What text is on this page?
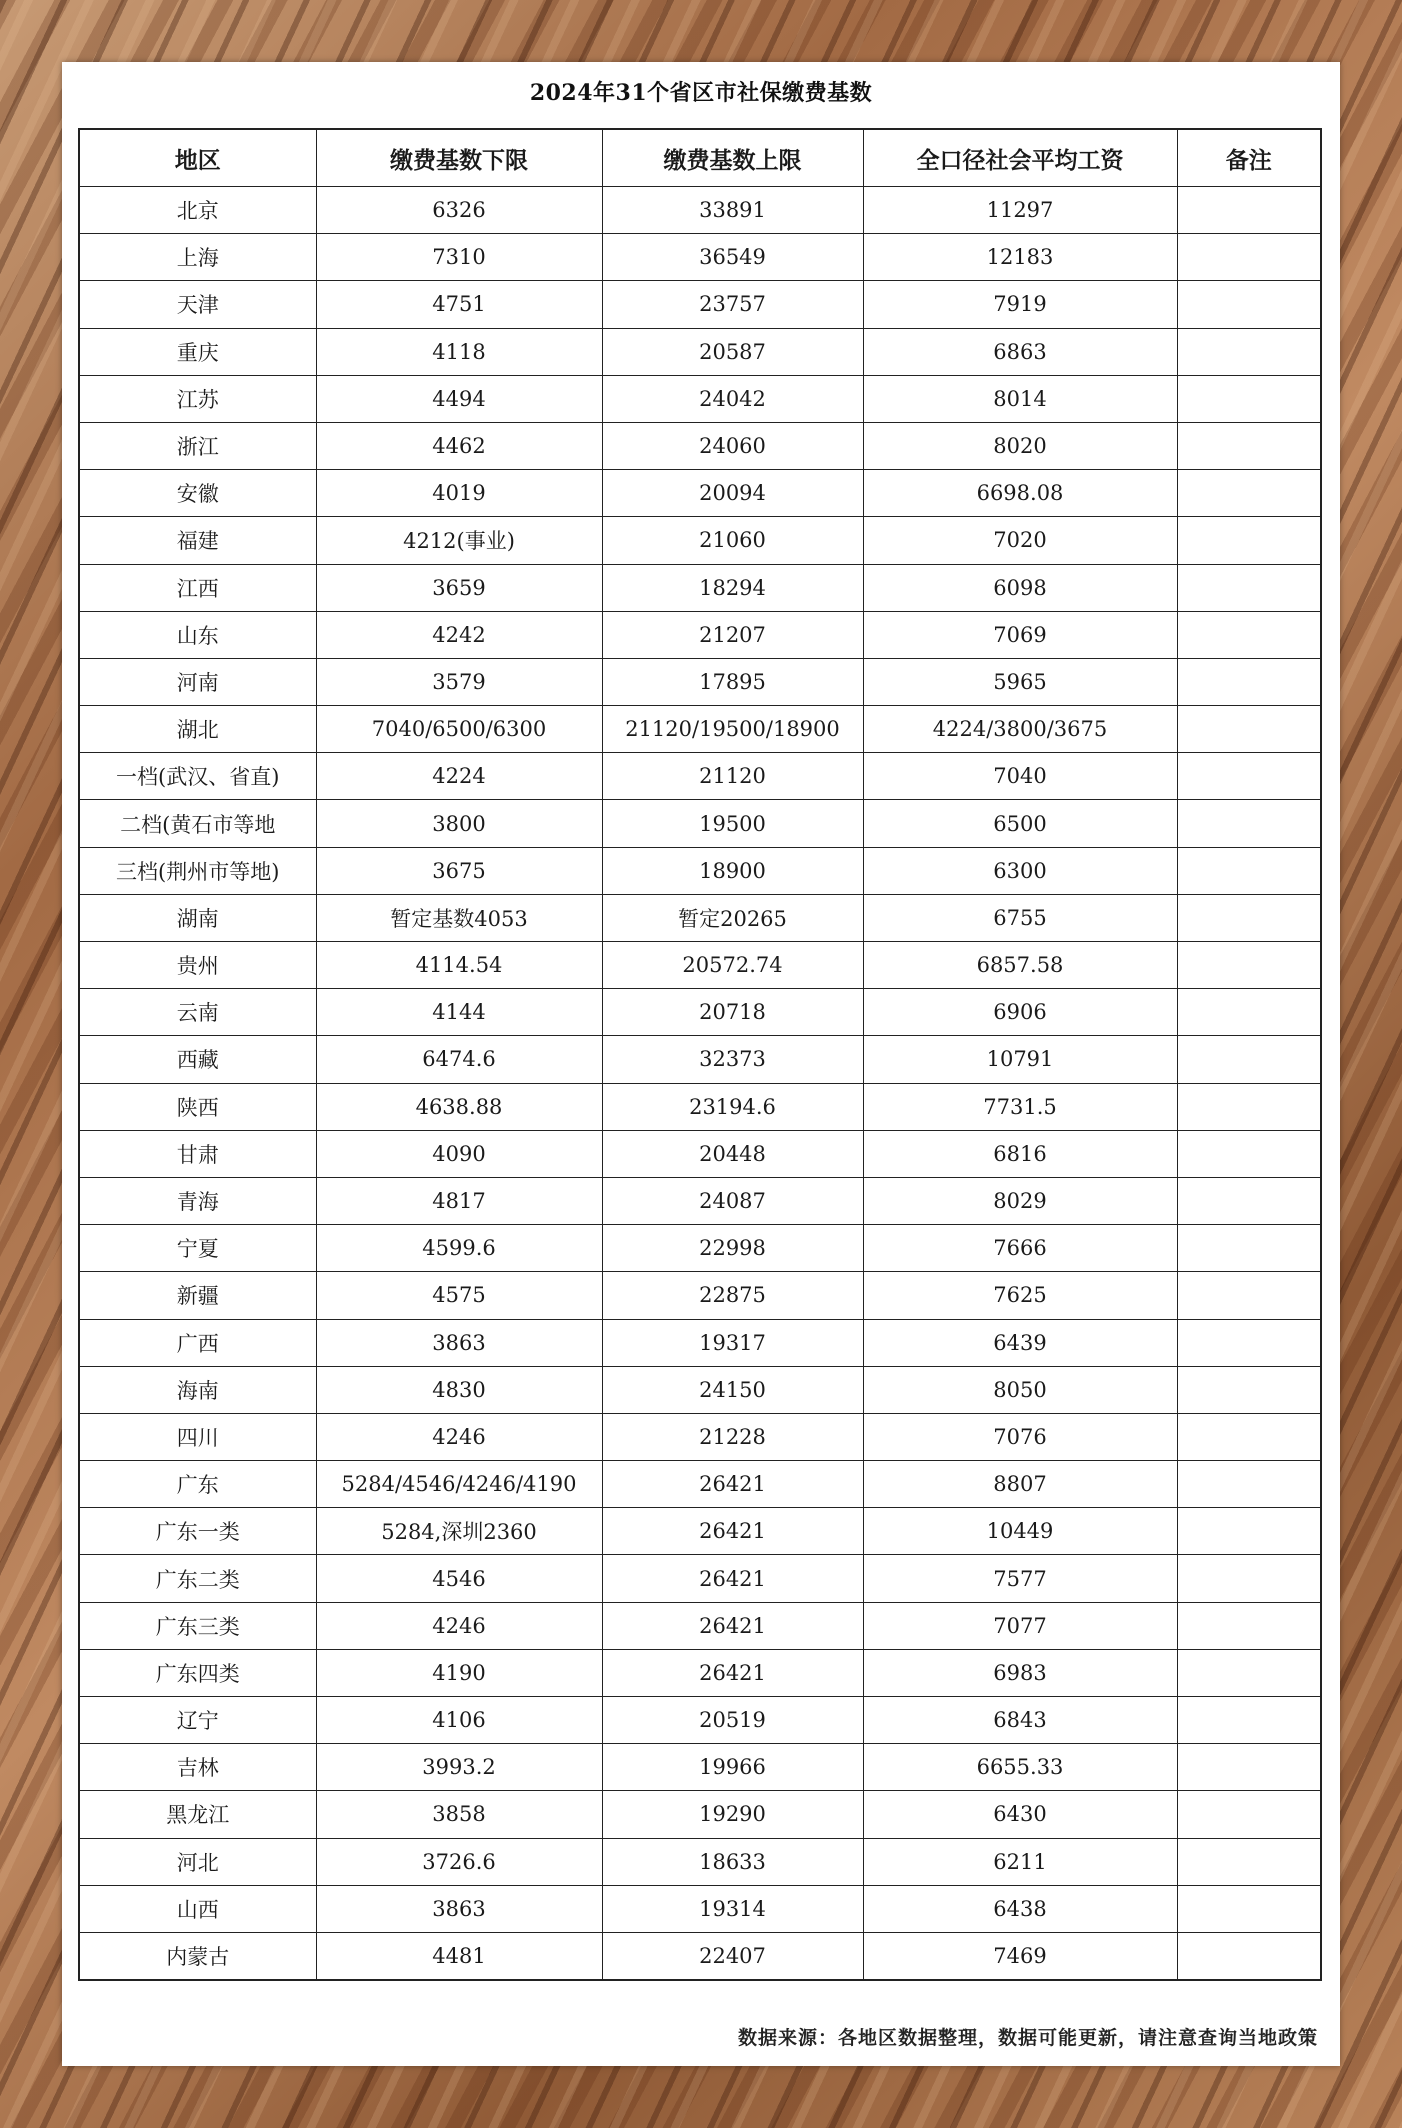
2024年31个省区市社保缴费基数
地区	缴费基数下限	缴费基数上限	全口径社会平均工资	备注
北京	6326	33891	11297	
上海	7310	36549	12183	
天津	4751	23757	7919	
重庆	4118	20587	6863	
江苏	4494	24042	8014	
浙江	4462	24060	8020	
安徽	4019	20094	6698.08	
福建	4212(事业)	21060	7020	
江西	3659	18294	6098	
山东	4242	21207	7069	
河南	3579	17895	5965	
湖北	7040/6500/6300	21120/19500/18900	4224/3800/3675	
一档(武汉、省直)	4224	21120	7040	
二档(黄石市等地	3800	19500	6500	
三档(荆州市等地)	3675	18900	6300	
湖南	暂定基数4053	暂定20265	6755	
贵州	4114.54	20572.74	6857.58	
云南	4144	20718	6906	
西藏	6474.6	32373	10791	
陕西	4638.88	23194.6	7731.5	
甘肃	4090	20448	6816	
青海	4817	24087	8029	
宁夏	4599.6	22998	7666	
新疆	4575	22875	7625	
广西	3863	19317	6439	
海南	4830	24150	8050	
四川	4246	21228	7076	
广东	5284/4546/4246/4190	26421	8807	
广东一类	5284,深圳2360	26421	10449	
广东二类	4546	26421	7577	
广东三类	4246	26421	7077	
广东四类	4190	26421	6983	
辽宁	4106	20519	6843	
吉林	3993.2	19966	6655.33	
黑龙江	3858	19290	6430	
河北	3726.6	18633	6211	
山西	3863	19314	6438	
内蒙古	4481	22407	7469	
数据来源：各地区数据整理，数据可能更新，请注意查询当地政策
